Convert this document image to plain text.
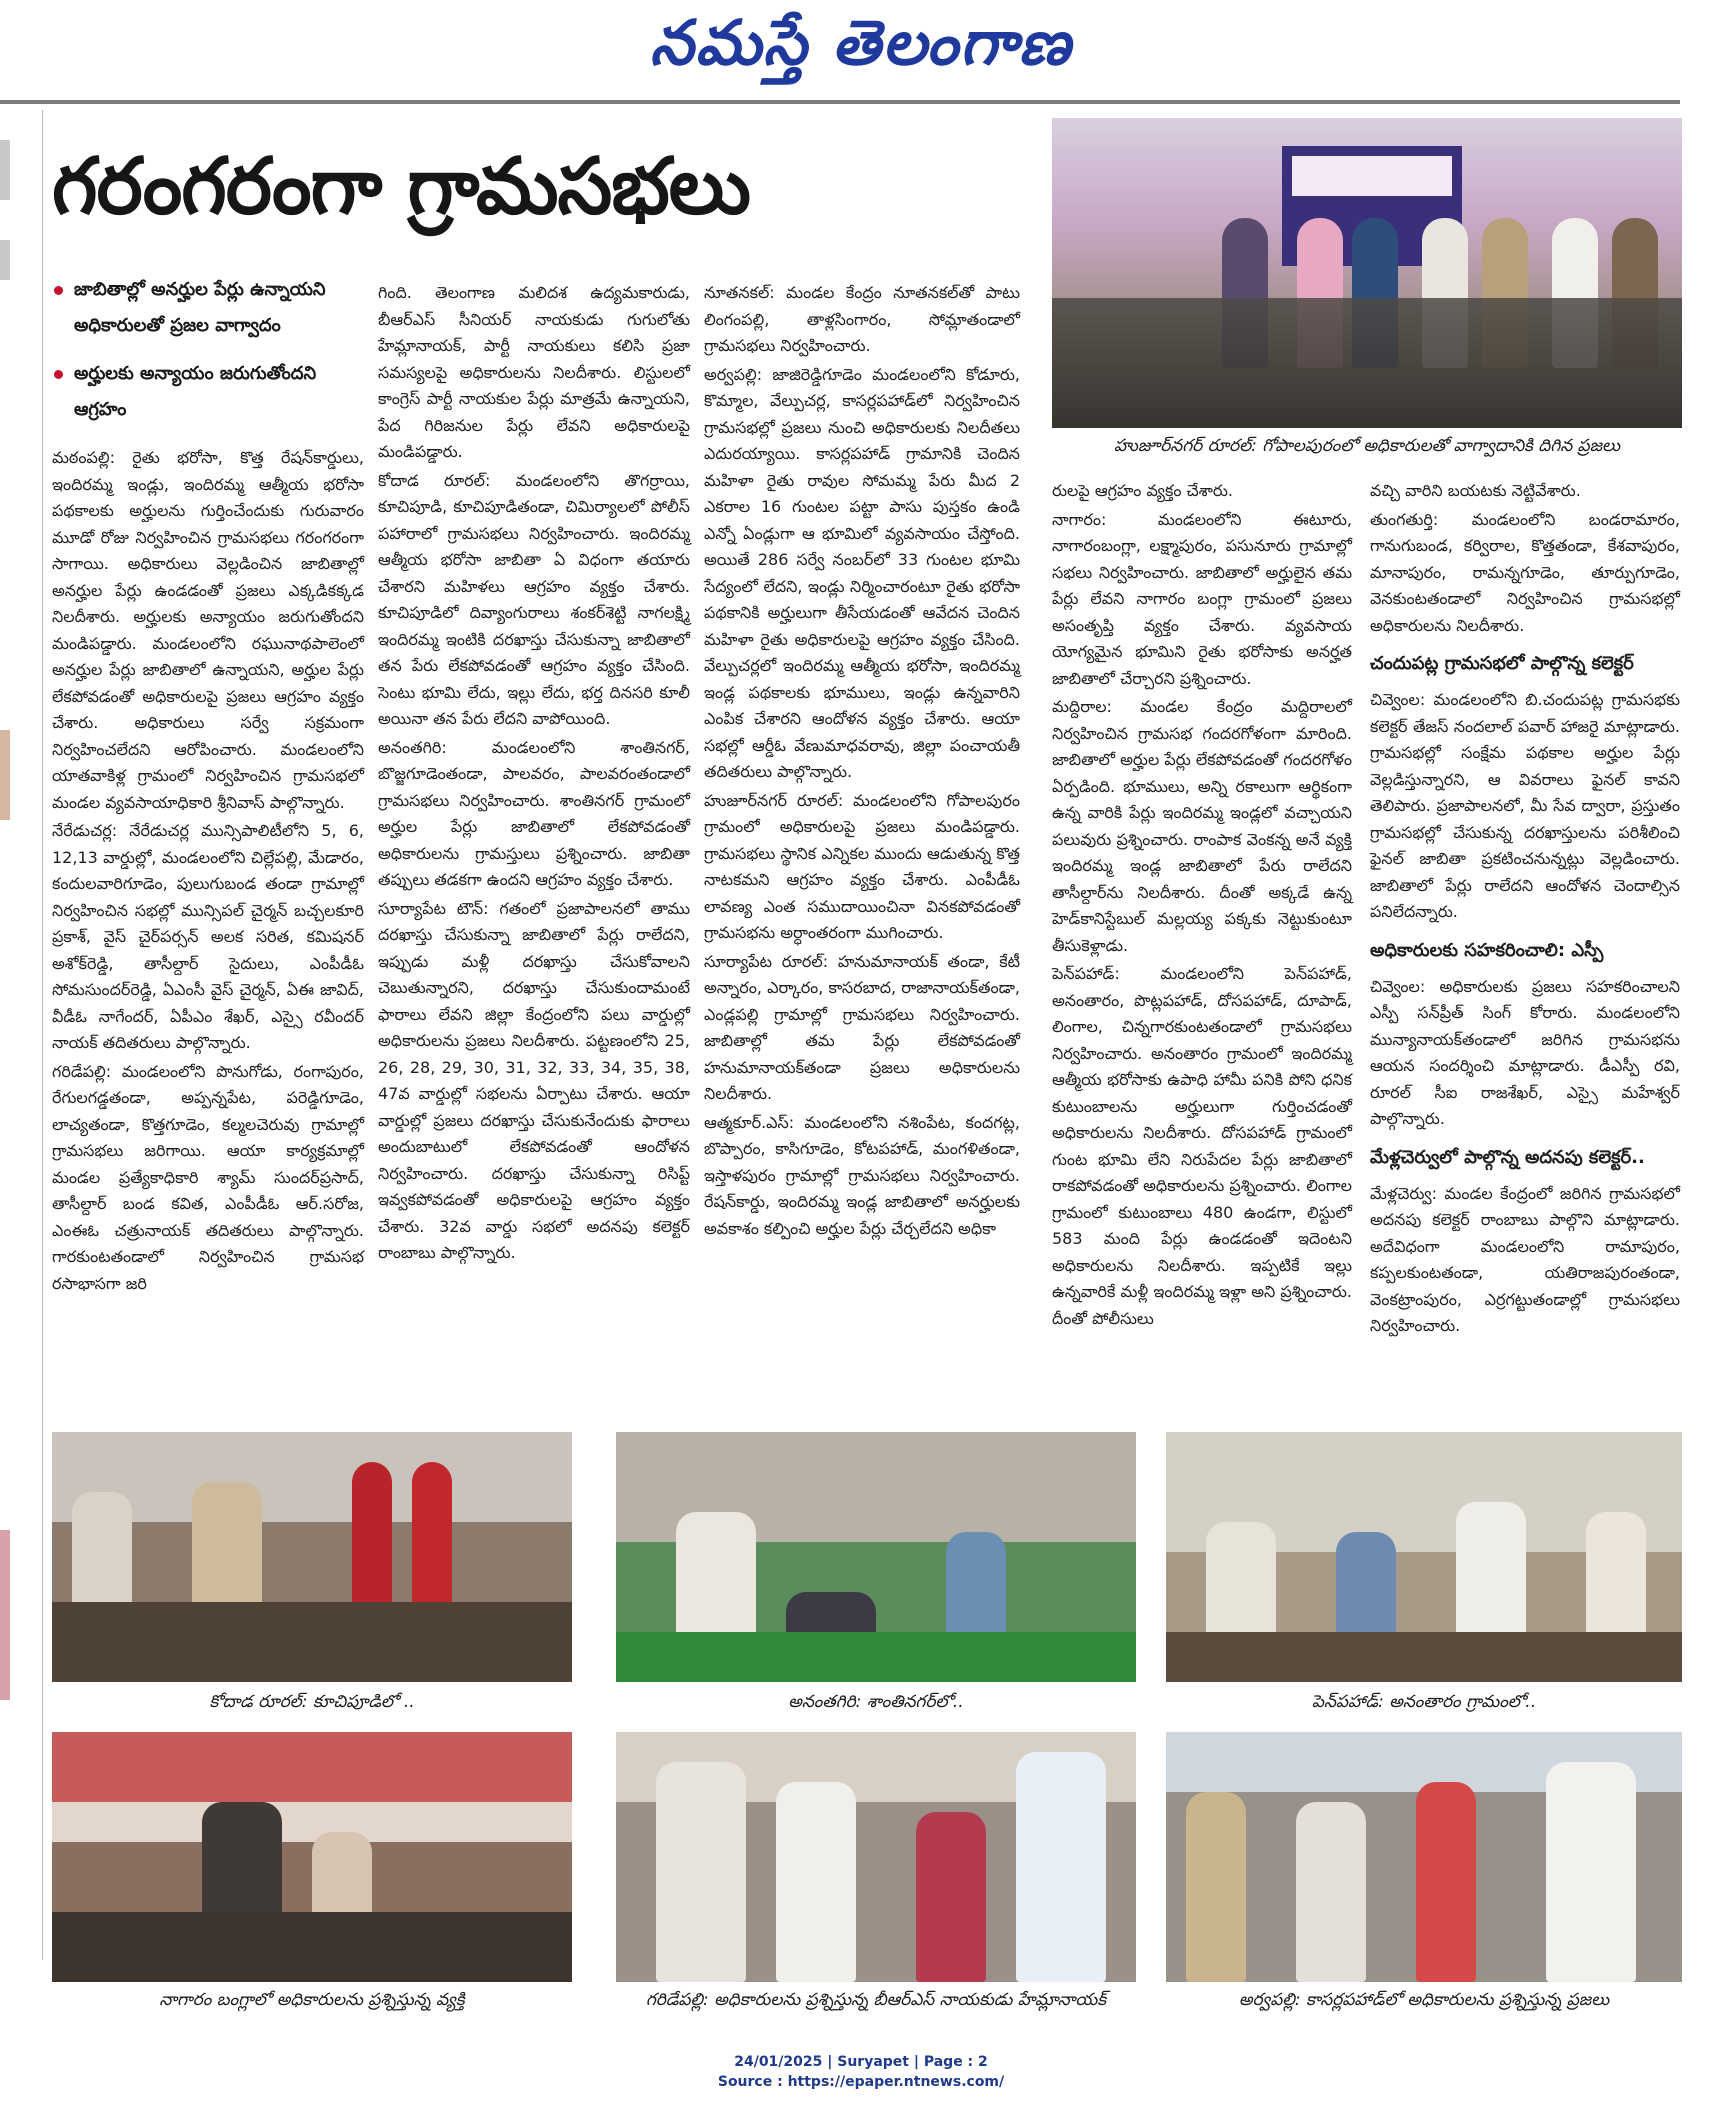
నమస్తే తెలంగాణ
గరంగరంగా గ్రామసభలు
హుజూర్‌నగర్ రూరల్: గోపాలపురంలో అధికారులతో వాగ్వాదానికి దిగిన ప్రజలు
జాబితాల్లో అనర్హుల పేర్లు ఉన్నాయని అధికారులతో ప్రజల వాగ్వాదం
అర్హులకు అన్యాయం జరుగుతోందని ఆగ్రహం

మఠంపల్లి: రైతు భరోసా, కొత్త రేషన్‌కార్డులు, ఇందిరమ్మ ఇండ్లు, ఇందిరమ్మ ఆత్మీయ భరోసా పథకాలకు అర్హులను గుర్తించేందుకు గురువారం మూడో రోజు నిర్వహించిన గ్రామసభలు గరంగరంగా సాగాయి. అధికారులు వెల్లడించిన జాబితాల్లో అనర్హుల పేర్లు ఉండడంతో ప్రజలు ఎక్కడికక్కడ నిలదీశారు. అర్హులకు అన్యాయం జరుగుతోందని మండిపడ్డారు. మండలంలోని రఘునాథపాలెంలో అనర్హుల పేర్లు జాబితాలో ఉన్నాయని, అర్హుల పేర్లు లేకపోవడంతో అధికారులపై ప్రజలు ఆగ్రహం వ్యక్తం చేశారు. అధికారులు సర్వే సక్రమంగా నిర్వహించలేదని ఆరోపించారు. మండలంలోని యాతవాకిళ్ల గ్రామంలో నిర్వహించిన గ్రామసభలో మండల వ్యవసాయాధికారి శ్రీనివాస్ పాల్గొన్నారు.

నేరేడుచర్ల: నేరేడుచర్ల మున్సిపాలిటీలోని 5, 6, 12,13 వార్డుల్లో, మండలంలోని చిల్లేపల్లి, మేడారం, కందులవారిగూడెం, పులుగుబండ తండా గ్రామాల్లో నిర్వహించిన సభల్లో మున్సిపల్ చైర్మన్ బచ్చలకూరి ప్రకాశ్, వైస్ చైర్‌పర్సన్ అలక సరిత, కమిషనర్ అశోక్‌రెడ్డి, తాసీల్దార్ సైదులు, ఎంపీడీఓ సోమసుందర్‌రెడ్డి, ఏఎంసీ వైస్ చైర్మన్, ఏఈ జావిద్, వీడీఓ నాగేందర్, ఏపీఎం శేఖర్, ఎస్సై రవీందర్ నాయక్ తదితరులు పాల్గొన్నారు.

గరిడేపల్లి: మండలంలోని పొనుగోడు, రంగాపురం, రేగులగడ్డతండా, అప్పన్నపేట, పరెడ్డిగూడెం, లాచ్యతండా, కొత్తగూడెం, కల్మలచెరువు గ్రామాల్లో గ్రామసభలు జరిగాయి. ఆయా కార్యక్రమాల్లో మండల ప్రత్యేకాధికారి శ్యామ్ సుందర్‌ప్రసాద్, తాసీల్దార్ బండ కవిత, ఎంపీడీఓ ఆర్.సరోజ, ఎంఈఓ చత్రునాయక్ తదితరులు పాల్గొన్నారు. గారకుంటతండాలో నిర్వహించిన గ్రామసభ రసాభాసగా జరి

గింది. తెలంగాణ మలిదశ ఉద్యమకారుడు, బీఆర్‌ఎస్ సీనియర్ నాయకుడు గుగులోతు హేమ్లానాయక్, పార్టీ నాయకులు కలిసి ప్రజా సమస్యలపై అధికారులను నిలదీశారు. లిస్టులలో కాంగ్రెస్ పార్టీ నాయకుల పేర్లు మాత్రమే ఉన్నాయని, పేద గిరిజనుల పేర్లు లేవని అధికారులపై మండిపడ్డారు.

కోదాడ రూరల్: మండలంలోని తొగర్రాయి, కూచిపూడి, కూచిపూడితండా, చిమిర్యాలలో పోలీస్ పహారాలో గ్రామసభలు నిర్వహించారు. ఇందిరమ్మ ఆత్మీయ భరోసా జాబితా ఏ విధంగా తయారు చేశారని మహిళలు ఆగ్రహం వ్యక్తం చేశారు. కూచిపూడిలో దివ్యాంగురాలు శంకర్‌శెట్టి నాగలక్ష్మి ఇందిరమ్మ ఇంటికి దరఖాస్తు చేసుకున్నా జాబితాలో తన పేరు లేకపోవడంతో ఆగ్రహం వ్యక్తం చేసింది. సెంటు భూమి లేదు, ఇల్లు లేదు, భర్త దినసరి కూలీ అయినా తన పేరు లేదని వాపోయింది.

అనంతగిరి: మండలంలోని శాంతినగర్, బొజ్జగూడెంతండా, పాలవరం, పాలవరంతండాలో గ్రామసభలు నిర్వహించారు. శాంతినగర్ గ్రామంలో అర్హుల పేర్లు జాబితాలో లేకపోవడంతో అధికారులను గ్రామస్తులు ప్రశ్నించారు. జాబితా తప్పులు తడకగా ఉందని ఆగ్రహం వ్యక్తం చేశారు.

సూర్యాపేట టౌన్: గతంలో ప్రజాపాలనలో తాము దరఖాస్తు చేసుకున్నా జాబితాలో పేర్లు రాలేదని, ఇప్పుడు మళ్లీ దరఖాస్తు చేసుకోవాలని చెబుతున్నారని, దరఖాస్తు చేసుకుందామంటే ఫారాలు లేవని జిల్లా కేంద్రంలోని పలు వార్డుల్లో అధికారులను ప్రజలు నిలదీశారు. పట్టణంలోని 25, 26, 28, 29, 30, 31, 32, 33, 34, 35, 38, 47వ వార్డుల్లో సభలను ఏర్పాటు చేశారు. ఆయా వార్డుల్లో ప్రజలు దరఖాస్తు చేసుకునేందుకు ఫారాలు అందుబాటులో లేకపోవడంతో ఆందోళన నిర్వహించారు. దరఖాస్తు చేసుకున్నా రిసిప్ట్ ఇవ్వకపోవడంతో అధికారులపై ఆగ్రహం వ్యక్తం చేశారు. 32వ వార్డు సభలో అదనపు కలెక్టర్ రాంబాబు పాల్గొన్నారు.

నూతనకల్: మండల కేంద్రం నూతనకల్‌తో పాటు లింగంపల్లి, తాళ్లసింగారం, సోమ్లాతండాలో గ్రామసభలు నిర్వహించారు.

అర్వపల్లి: జాజిరెడ్డిగూడెం మండలంలోని కోడూరు, కొమ్మాల, వేల్పుచర్ల, కాసర్లపహాడ్‌లో నిర్వహించిన గ్రామసభల్లో ప్రజలు నుంచి అధికారులకు నిలదీతలు ఎదురయ్యాయి. కాసర్లపహాడ్ గ్రామానికి చెందిన మహిళా రైతు రావుల సోమమ్మ పేరు మీద 2 ఎకరాల 16 గుంటల పట్టా పాసు పుస్తకం ఉండి ఎన్నో ఏండ్లుగా ఆ భూమిలో వ్యవసాయం చేస్తోంది. అయితే 286 సర్వే నంబర్‌లో 33 గుంటల భూమి సేద్యంలో లేదని, ఇండ్లు నిర్మించారంటూ రైతు భరోసా పథకానికి అర్హులుగా తీసేయడంతో ఆవేదన చెందిన మహిళా రైతు అధికారులపై ఆగ్రహం వ్యక్తం చేసింది. వేల్పుచర్లలో ఇందిరమ్మ ఆత్మీయ భరోసా, ఇందిరమ్మ ఇండ్ల పథకాలకు భూములు, ఇండ్లు ఉన్నవారిని ఎంపిక చేశారని ఆందోళన వ్యక్తం చేశారు. ఆయా సభల్లో ఆర్డీఓ వేణుమాధవరావు, జిల్లా పంచాయతీ తదితరులు పాల్గొన్నారు.

హుజూర్‌నగర్ రూరల్: మండలంలోని గోపాలపురం గ్రామంలో అధికారులపై ప్రజలు మండిపడ్డారు. గ్రామసభలు స్థానిక ఎన్నికల ముందు ఆడుతున్న కొత్త నాటకమని ఆగ్రహం వ్యక్తం చేశారు. ఎంపీడీఓ లావణ్య ఎంత సముదాయించినా వినకపోవడంతో గ్రామసభను అర్ధాంతరంగా ముగించారు.

సూర్యాపేట రూరల్: హనుమానాయక్ తండా, కేటీ అన్నారం, ఎర్కారం, కాసరబాద, రాజానాయక్‌తండా, ఎండ్లపల్లి గ్రామాల్లో గ్రామసభలు నిర్వహించారు. జాబితాల్లో తమ పేర్లు లేకపోవడంతో హనుమానాయక్‌తండా ప్రజలు అధికారులను నిలదీశారు.

ఆత్మకూర్.ఎస్: మండలంలోని నశింపేట, కందగట్ల, బొప్పారం, కాసిగూడెం, కోటపహాడ్, మంగళితండా, ఇస్తాళపురం గ్రామాల్లో గ్రామసభలు నిర్వహించారు. రేషన్‌కార్డు, ఇందిరమ్మ ఇండ్ల జాబితాలో అనర్హులకు అవకాశం కల్పించి అర్హుల పేర్లు చేర్చలేదని అధికా

రులపై ఆగ్రహం వ్యక్తం చేశారు.

నాగారం: మండలంలోని ఈటూరు, నాగారంబంగ్లా, లక్ష్మాపురం, పసునూరు గ్రామాల్లో సభలు నిర్వహించారు. జాబితాలో అర్హులైన తమ పేర్లు లేవని నాగారం బంగ్లా గ్రామంలో ప్రజలు అసంతృప్తి వ్యక్తం చేశారు. వ్యవసాయ యోగ్యమైన భూమిని రైతు భరోసాకు అనర్హత జాబితాలో చేర్చారని ప్రశ్నించారు.

మద్దిరాల: మండల కేంద్రం మద్దిరాలలో నిర్వహించిన గ్రామసభ గందరగోళంగా మారింది. జాబితాలో అర్హుల పేర్లు లేకపోవడంతో గందరగోళం ఏర్పడింది. భూములు, అన్ని రకాలుగా ఆర్థికంగా ఉన్న వారికి పేర్లు ఇందిరమ్మ ఇండ్లలో వచ్చాయని పలువురు ప్రశ్నించారు. రాంపాక వెంకన్న అనే వ్యక్తి ఇందిరమ్మ ఇండ్ల జాబితాలో పేరు రాలేదని తాసీల్దార్‌ను నిలదీశారు. దీంతో అక్కడే ఉన్న హెడ్‌కానిస్టేబుల్ మల్లయ్య పక్కకు నెట్టుకుంటూ తీసుకెళ్లాడు.

పెన్‌పహాడ్: మండలంలోని పెన్‌పహాడ్, అనంతారం, పొట్లపహాడ్, దోసపహాడ్, దూపాడ్, లింగాల, చిన్నగారకుంటతండాలో గ్రామసభలు నిర్వహించారు. అనంతారం గ్రామంలో ఇందిరమ్మ ఆత్మీయ భరోసాకు ఉపాధి హామీ పనికి పోని ధనిక కుటుంబాలను అర్హులుగా గుర్తించడంతో అధికారులను నిలదీశారు. దోసపహాడ్ గ్రామంలో గుంట భూమి లేని నిరుపేదల పేర్లు జాబితాలో రాకపోవడంతో అధికారులను ప్రశ్నించారు. లింగాల గ్రామంలో కుటుంబాలు 480 ఉండగా, లిస్టులో 583 మంది పేర్లు ఉండడంతో ఇదెంటని అధికారులను నిలదీశారు. ఇప్పటికే ఇల్లు ఉన్నవారికే మళ్లీ ఇందిరమ్మ ఇళ్లా అని ప్రశ్నించారు. దీంతో పోలీసులు

వచ్చి వారిని బయటకు నెట్టివేశారు.

తుంగతుర్తి: మండలంలోని బండరామారం, గానుగుబండ, కర్విరాల, కొత్తతండా, కేశవాపురం, మానాపురం, రామన్నగూడెం, తూర్పుగూడెం, వెనకుంటతండాలో నిర్వహించిన గ్రామసభల్లో అధికారులను నిలదీశారు.

చందుపట్ల గ్రామసభలో పాల్గొన్న కలెక్టర్

చివ్వెంల: మండలంలోని బి.చందుపట్ల గ్రామసభకు కలెక్టర్ తేజస్ నందలాల్ పవార్ హాజరై మాట్లాడారు. గ్రామసభల్లో సంక్షేమ పథకాల అర్హుల పేర్లు వెల్లడిస్తున్నారని, ఆ వివరాలు ఫైనల్ కావని తెలిపారు. ప్రజాపాలనలో, మీ సేవ ద్వారా, ప్రస్తుతం గ్రామసభల్లో చేసుకున్న దరఖాస్తులను పరిశీలించి ఫైనల్ జాబితా ప్రకటించనున్నట్లు వెల్లడించారు. జాబితాలో పేర్లు రాలేదని ఆందోళన చెందాల్సిన పనిలేదన్నారు.

అధికారులకు సహకరించాలి: ఎస్పీ

చివ్వెంల: అధికారులకు ప్రజలు సహకరించాలని ఎస్పీ సన్‌ప్రీత్ సింగ్ కోరారు. మండలంలోని మున్యానాయక్‌తండాలో జరిగిన గ్రామసభను ఆయన సందర్శించి మాట్లాడారు. డీఎస్పీ రవి, రూరల్ సీఐ రాజశేఖర్, ఎస్సై మహేశ్వర్ పాల్గొన్నారు.

మేళ్లచెర్వులో పాల్గొన్న అదనపు కలెక్టర్..

మేళ్లచెర్వు: మండల కేంద్రంలో జరిగిన గ్రామసభలో అదనపు కలెక్టర్ రాంబాబు పాల్గొని మాట్లాడారు. అదేవిధంగా మండలంలోని రామాపురం, కప్పలకుంటతండా, యతిరాజపురంతండా, వెంకట్రాంపురం, ఎర్రగట్టుతండాల్లో గ్రామసభలు నిర్వహించారు.

కోదాడ రూరల్: కూచిపూడిలో ..	అనంతగిరి: శాంతినగర్‌లో..	పెన్‌పహాడ్: అనంతారం గ్రామంలో..
నాగారం బంగ్లాలో అధికారులను ప్రశ్నిస్తున్న వ్యక్తి	గరిడేపల్లి: అధికారులను ప్రశ్నిస్తున్న బీఆర్‌ఎస్ నాయకుడు హేమ్లానాయక్	అర్వపల్లి: కాసర్లపహాడ్‌లో అధికారులను ప్రశ్నిస్తున్న ప్రజలు
24/01/2025 | Suryapet | Page : 2
Source : https://epaper.ntnews.com/
